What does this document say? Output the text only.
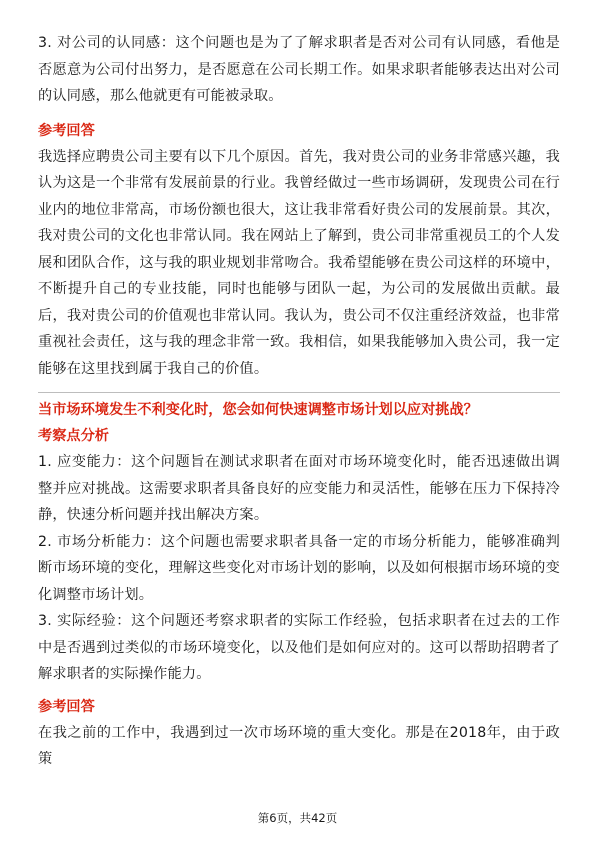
3. 对公司的认同感：这个问题也是为了了解求职者是否对公司有认同感，看他是否愿意为公司付出努力，是否愿意在公司长期工作。如果求职者能够表达出对公司的认同感，那么他就更有可能被录取。

参考回答

我选择应聘贵公司主要有以下几个原因。首先，我对贵公司的业务非常感兴趣，我认为这是一个非常有发展前景的行业。我曾经做过一些市场调研，发现贵公司在行业内的地位非常高，市场份额也很大，这让我非常看好贵公司的发展前景。其次，我对贵公司的文化也非常认同。我在网站上了解到，贵公司非常重视员工的个人发展和团队合作，这与我的职业规划非常吻合。我希望能够在贵公司这样的环境中，不断提升自己的专业技能，同时也能够与团队一起，为公司的发展做出贡献。最后，我对贵公司的价值观也非常认同。我认为，贵公司不仅注重经济效益，也非常重视社会责任，这与我的理念非常一致。我相信，如果我能够加入贵公司，我一定能够在这里找到属于我自己的价值。

当市场环境发生不利变化时，您会如何快速调整市场计划以应对挑战？

考察点分析

1. 应变能力：这个问题旨在测试求职者在面对市场环境变化时，能否迅速做出调整并应对挑战。这需要求职者具备良好的应变能力和灵活性，能够在压力下保持冷静，快速分析问题并找出解决方案。

2. 市场分析能力：这个问题也需要求职者具备一定的市场分析能力，能够准确判断市场环境的变化，理解这些变化对市场计划的影响，以及如何根据市场环境的变化调整市场计划。

3. 实际经验：这个问题还考察求职者的实际工作经验，包括求职者在过去的工作中是否遇到过类似的市场环境变化，以及他们是如何应对的。这可以帮助招聘者了解求职者的实际操作能力。

参考回答

在我之前的工作中，我遇到过一次市场环境的重大变化。那是在2018年，由于政策

第6页，共42页
